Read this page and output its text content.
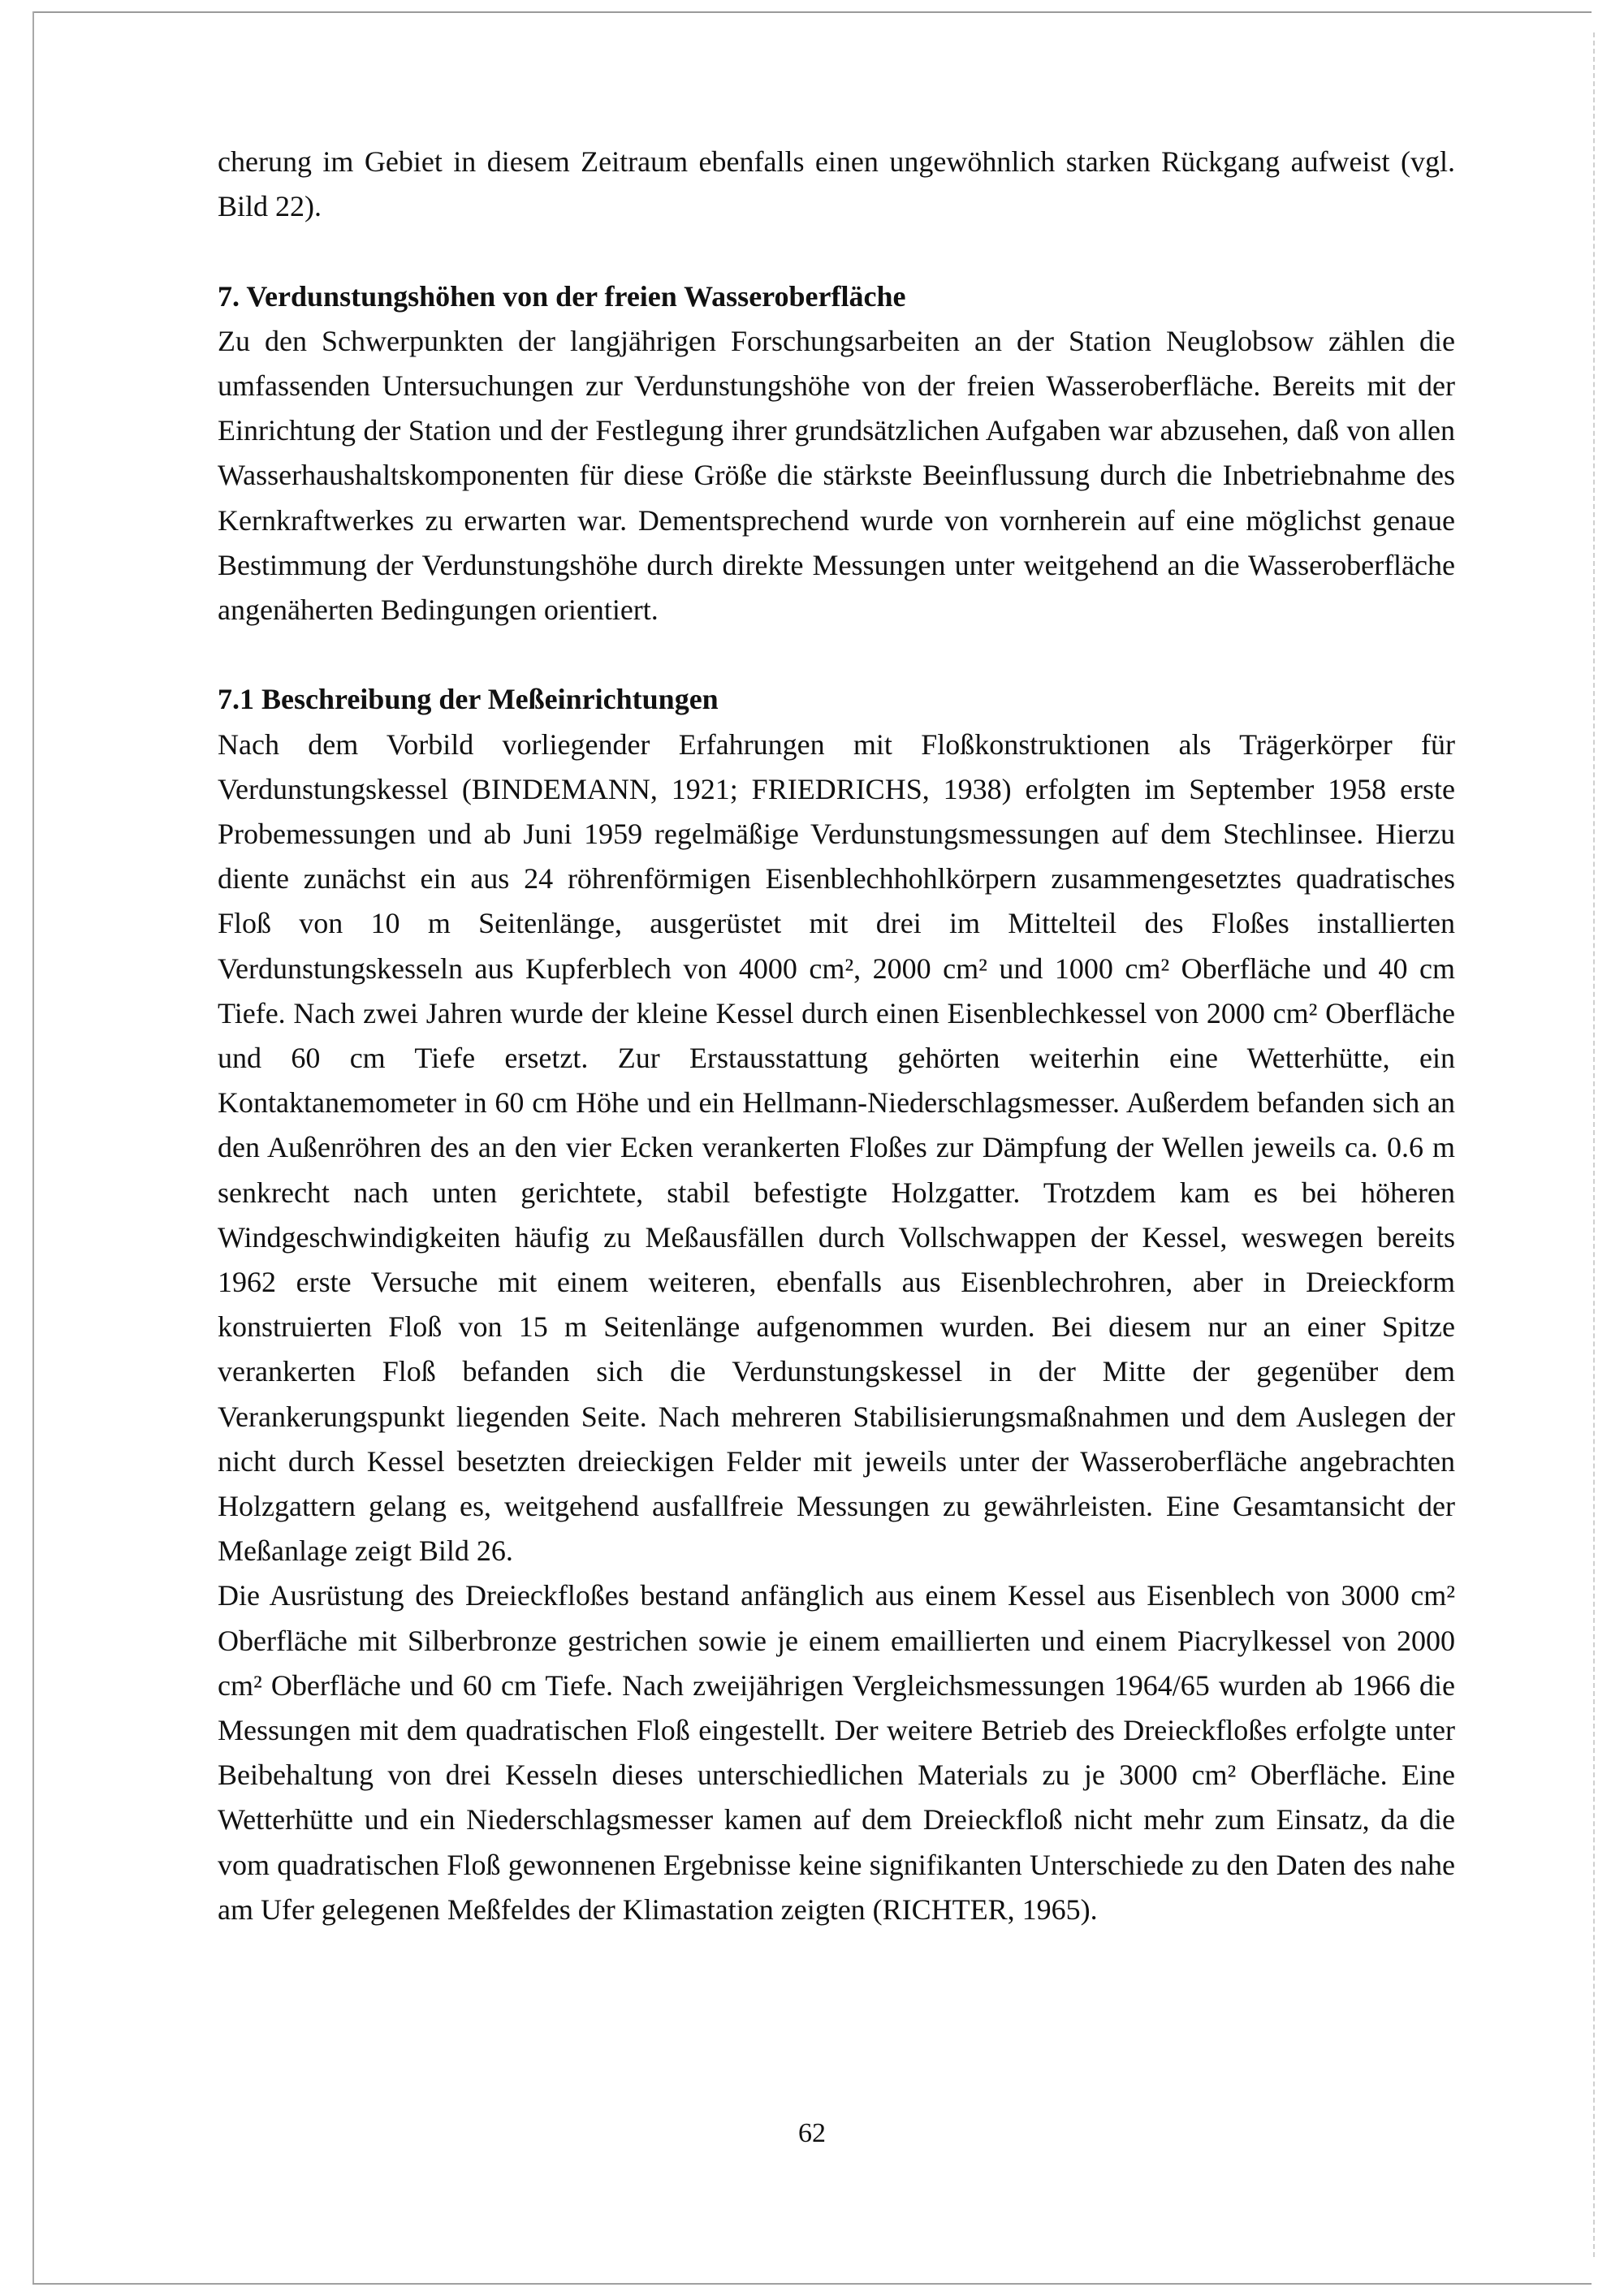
cherung im Gebiet in diesem Zeitraum ebenfalls einen ungewöhnlich starken Rückgang aufweist (vgl. Bild 22).

7. Verdunstungshöhen von der freien Wasseroberfläche

Zu den Schwerpunkten der langjährigen Forschungsarbeiten an der Station Neuglobsow zählen die umfassenden Untersuchungen zur Verdunstungshöhe von der freien Wasseroberfläche. Bereits mit der Einrichtung der Station und der Festlegung ihrer grundsätzlichen Aufgaben war abzusehen, daß von allen Wasserhaushaltskomponenten für diese Größe die stärkste Beeinflussung durch die Inbetriebnahme des Kernkraftwerkes zu erwarten war. Dementsprechend wurde von vornherein auf eine möglichst genaue Bestimmung der Verdunstungshöhe durch direkte Messungen unter weitgehend an die Wasseroberfläche angenäherten Bedingungen orientiert.

7.1 Beschreibung der Meßeinrichtungen

Nach dem Vorbild vorliegender Erfahrungen mit Floßkonstruktionen als Trägerkörper für Verdunstungskessel (BINDEMANN, 1921; FRIEDRICHS, 1938) erfolgten im September 1958 erste Probemessungen und ab Juni 1959 regelmäßige Verdunstungsmessungen auf dem Stechlinsee. Hierzu diente zunächst ein aus 24 röhrenförmigen Eisenblechhohlkörpern zusammengesetztes quadratisches Floß von 10 m Seitenlänge, ausgerüstet mit drei im Mittelteil des Floßes installierten Verdunstungskesseln aus Kupferblech von 4000 cm², 2000 cm² und 1000 cm² Oberfläche und 40 cm Tiefe. Nach zwei Jahren wurde der kleine Kessel durch einen Eisenblechkessel von 2000 cm² Oberfläche und 60 cm Tiefe ersetzt. Zur Erstausstattung gehörten weiterhin eine Wetterhütte, ein Kontaktanemometer in 60 cm Höhe und ein Hellmann-Niederschlagsmesser. Außerdem befanden sich an den Außenröhren des an den vier Ecken verankerten Floßes zur Dämpfung der Wellen jeweils ca. 0.6 m senkrecht nach unten gerichtete, stabil befestigte Holzgatter. Trotzdem kam es bei höheren Windgeschwindigkeiten häufig zu Meßausfällen durch Vollschwappen der Kessel, weswegen bereits 1962 erste Versuche mit einem weiteren, ebenfalls aus Eisenblechrohren, aber in Dreieckform konstruierten Floß von 15 m Seitenlänge aufgenommen wurden. Bei diesem nur an einer Spitze verankerten Floß befanden sich die Verdunstungskessel in der Mitte der gegenüber dem Verankerungspunkt liegenden Seite. Nach mehreren Stabilisierungsmaßnahmen und dem Auslegen der nicht durch Kessel besetzten dreieckigen Felder mit jeweils unter der Wasseroberfläche angebrachten Holzgattern gelang es, weitgehend ausfallfreie Messungen zu gewährleisten. Eine Gesamtansicht der Meßanlage zeigt Bild 26.

Die Ausrüstung des Dreieckfloßes bestand anfänglich aus einem Kessel aus Eisenblech von 3000 cm² Oberfläche mit Silberbronze gestrichen sowie je einem emaillierten und einem Piacrylkessel von 2000 cm² Oberfläche und 60 cm Tiefe. Nach zweijährigen Vergleichsmessungen 1964/65 wurden ab 1966 die Messungen mit dem quadratischen Floß eingestellt. Der weitere Betrieb des Dreieckfloßes erfolgte unter Beibehaltung von drei Kesseln dieses unterschiedlichen Materials zu je 3000 cm² Oberfläche. Eine Wetterhütte und ein Niederschlagsmesser kamen auf dem Dreieckfloß nicht mehr zum Einsatz, da die vom quadratischen Floß gewonnenen Ergebnisse keine signifikanten Unterschiede zu den Daten des nahe am Ufer gelegenen Meßfeldes der Klimastation zeigten (RICHTER, 1965).

62
